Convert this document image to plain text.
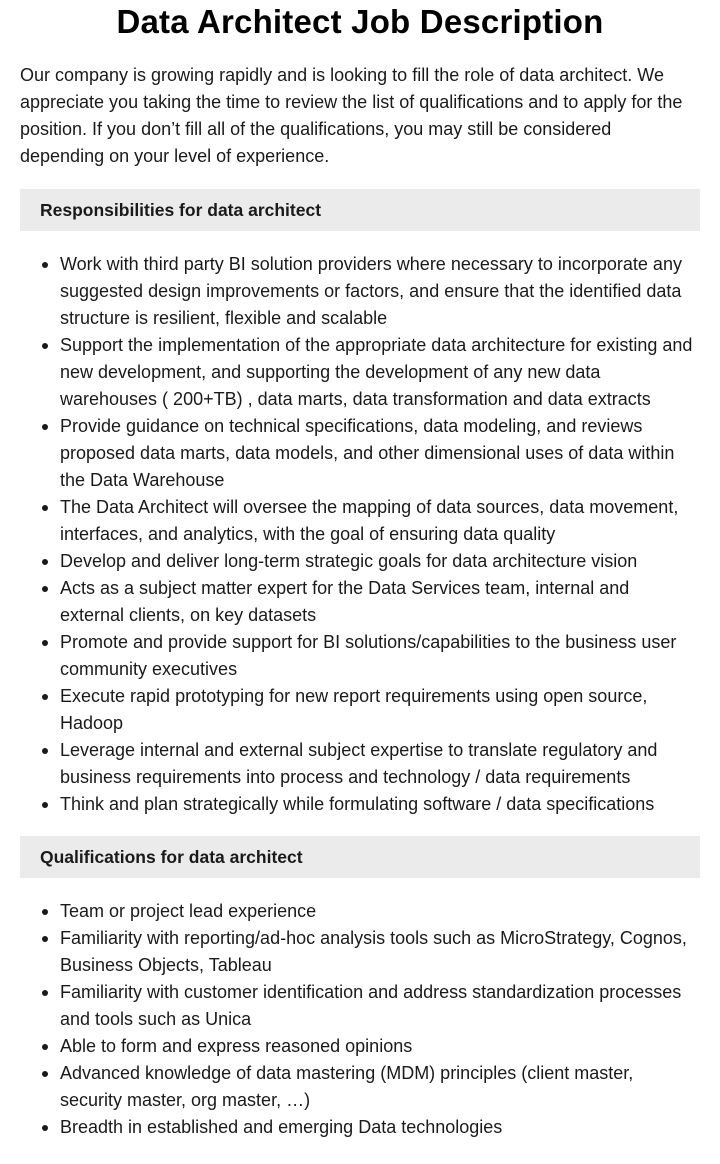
Data Architect Job Description

Our company is growing rapidly and is looking to fill the role of data architect. We appreciate you taking the time to review the list of qualifications and to apply for the position. If you don’t fill all of the qualifications, you may still be considered depending on your level of experience.

Responsibilities for data architect
Work with third party BI solution providers where necessary to incorporate any suggested design improvements or factors, and ensure that the identified data structure is resilient, flexible and scalable
Support the implementation of the appropriate data architecture for existing and new development, and supporting the development of any new data warehouses ( 200+TB) , data marts, data transformation and data extracts
Provide guidance on technical specifications, data modeling, and reviews proposed data marts, data models, and other dimensional uses of data within the Data Warehouse
The Data Architect will oversee the mapping of data sources, data movement, interfaces, and analytics, with the goal of ensuring data quality
Develop and deliver long-term strategic goals for data architecture vision
Acts as a subject matter expert for the Data Services team, internal and external clients, on key datasets
Promote and provide support for BI solutions/capabilities to the business user community executives
Execute rapid prototyping for new report requirements using open source, Hadoop
Leverage internal and external subject expertise to translate regulatory and business requirements into process and technology / data requirements
Think and plan strategically while formulating software / data specifications
Qualifications for data architect
Team or project lead experience
Familiarity with reporting/ad-hoc analysis tools such as MicroStrategy, Cognos, Business Objects, Tableau
Familiarity with customer identification and address standardization processes and tools such as Unica
Able to form and express reasoned opinions
Advanced knowledge of data mastering (MDM) principles (client master, security master, org master, …)
Breadth in established and emerging Data technologies
